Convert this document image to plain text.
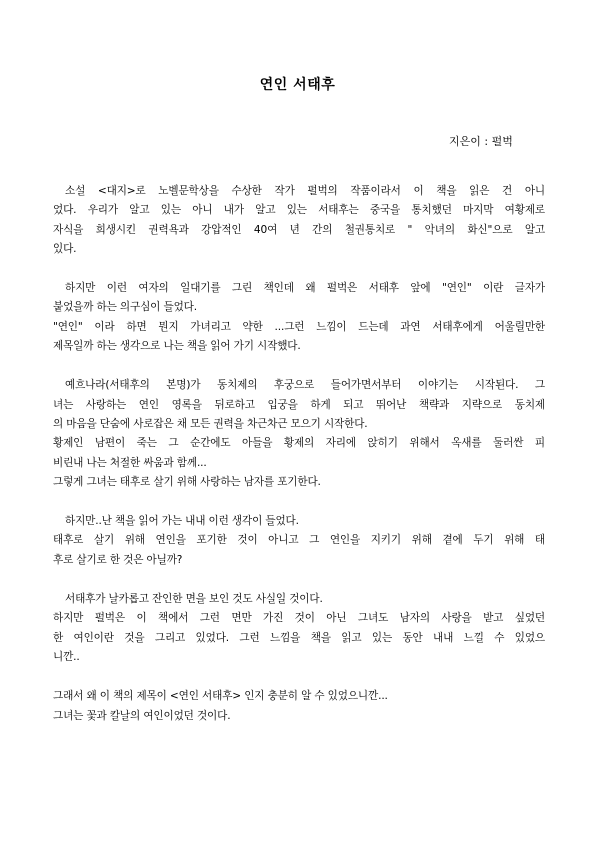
연인 서태후
지은이 : 펄벅
소설 <대지>로 노벨문학상을 수상한 작가 펄벅의 작품이라서 이 책을 읽은 건 아니
었다. 우리가 알고 있는 아니 내가 알고 있는 서태후는 중국을 통치했던 마지막 여황제로
자식을 희생시킨 권력욕과 강압적인 40여 년 간의 철권통치로 " 악녀의 화신"으로 알고
있다.
하지만 이런 여자의 일대기를 그린 책인데 왜 펄벅은 서태후 앞에 "연인" 이란 글자가
붙었을까 하는 의구심이 들었다.
"연인" 이라 하면 뭔지 가녀리고 약한 ...그런 느낌이 드는데 과연 서태후에게 어울릴만한
제목일까 하는 생각으로 나는 책을 읽어 가기 시작했다.
예흐나라(서태후의 본명)가 동치제의 후궁으로 들어가면서부터 이야기는 시작된다. 그
녀는 사랑하는 연인 영록을 뒤로하고 입궁을 하게 되고 뛰어난 책략과 지략으로 동치제
의 마음을 단숨에 사로잡은 채 모든 권력을 차근차근 모으기 시작한다.
황제인 남편이 죽는 그 순간에도 아들을 황제의 자리에 앉히기 위해서 옥새를 둘러싼 피
비린내 나는 처절한 싸움과 함께...
그렇게 그녀는 태후로 살기 위해 사랑하는 남자를 포기한다.
하지만..난 책을 읽어 가는 내내 이런 생각이 들었다.
태후로 살기 위해 연인을 포기한 것이 아니고 그 연인을 지키기 위해 곁에 두기 위해 태
후로 살기로 한 것은 아닐까?
서태후가 날카롭고 잔인한 면을 보인 것도 사실일 것이다.
하지만 펄벅은 이 책에서 그런 면만 가진 것이 아닌 그녀도 남자의 사랑을 받고 싶었던
한 여인이란 것을 그리고 있었다. 그런 느낌을 책을 읽고 있는 동안 내내 느낄 수 있었으
니깐..
그래서 왜 이 책의 제목이 <연인 서태후> 인지 충분히 알 수 있었으니깐...
그녀는 꽃과 칼날의 여인이었던 것이다.
